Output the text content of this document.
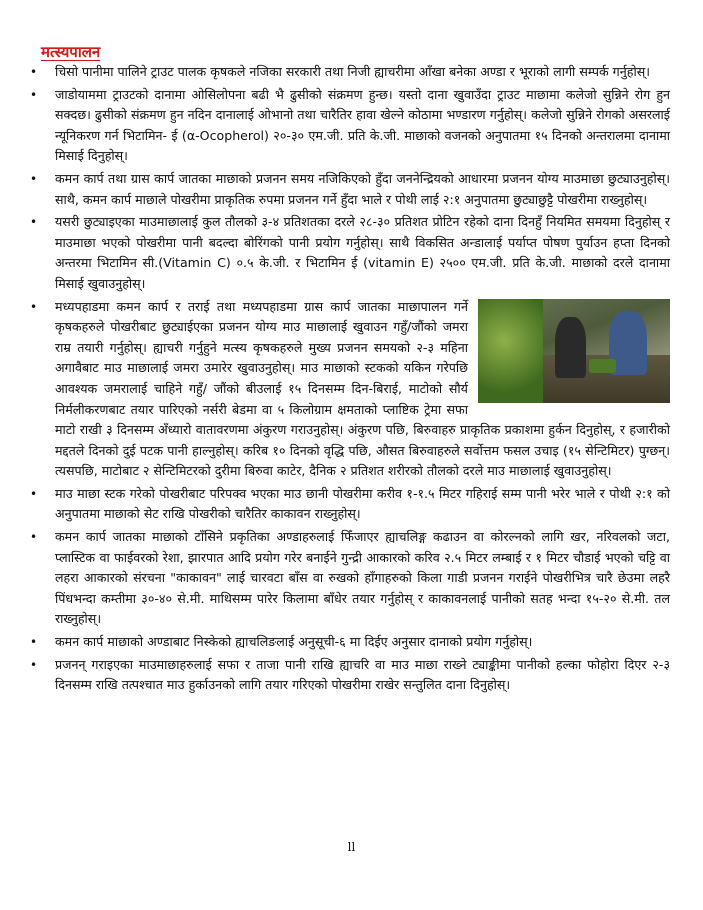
मत्स्यपालन
• चिसो पानीमा पालिने ट्राउट पालक कृषकले नजिका सरकारी तथा निजी ह्याचरीमा आँखा बनेका अण्डा र भूराको लागी सम्पर्क गर्नुहोस्।
• जाडोयाममा ट्राउटको दानामा ओसिलोपना बढी भै ढुसीको संक्रमण हुन्छ। यस्तो दाना खुवाउँदा ट्राउट माछामा कलेजो सुन्निने रोग हुन सक्दछ। ढुसीको संक्रमण हुन नदिन दानालाई ओभानो तथा चारैतिर हावा खेल्ने कोठामा भण्डारण गर्नुहोस्। कलेजो सुन्निने रोगको असरलाई न्यूनिकरण गर्न भिटामिन- ई (α-Ocopherol) २०-३० एम.जी. प्रति के.जी. माछाको वजनको अनुपातमा १५ दिनको अन्तरालमा दानामा मिसाई दिनुहोस्।
• कमन कार्प तथा ग्रास कार्प जातका माछाको प्रजनन समय नजिकिएको हुँदा जननेन्द्रियको आधारमा प्रजनन योग्य माउमाछा छुट्याउनुहोस्। साथै, कमन कार्प माछाले पोखरीमा प्राकृतिक रुपमा प्रजनन गर्ने हुँदा भाले र पोथी लाई २:१ अनुपातमा छुट्याछुट्टै पोखरीमा राख्नुहोस्।
• यसरी छुट्याइएका माउमाछालाई कुल तौलको ३-४ प्रतिशतका दरले २८-३० प्रतिशत प्रोटिन रहेको दाना दिनहुँ नियमित समयमा दिनुहोस् र माउमाछा भएको पोखरीमा पानी बदल्दा बोरिंगको पानी प्रयोग गर्नुहोस्। साथै विकसित अन्डालाई पर्याप्त पोषण पुर्याउन हप्ता दिनको अन्तरमा भिटामिन सी.(Vitamin C) ०.५ के.जी. र भिटामिन ई (vitamin E) २५०० एम.जी. प्रति के.जी. माछाको दरले दानामा मिसाई खुवाउनुहोस्।
• मध्यपहाडमा कमन कार्प र तराई तथा मध्यपहाडमा ग्रास कार्प जातका माछापालन गर्ने कृषकहरुले पोखरीबाट छुट्याईएका प्रजनन योग्य माउ माछालाई खुवाउन गहुँ/जौंको जमरा राम्र तयारी गर्नुहोस्। ह्याचरी गर्नुहुने मत्स्य कृषकहरुले मुख्य प्रजनन समयको २-३ महिना अगावैबाट माउ माछालाई जमरा उमारेर खुवाउनुहोस्। माउ माछाको स्टकको यकिन गरेपछि आवश्यक जमरालाई चाहिने गहुँ/ जौंको बीउलाई १५ दिनसम्म दिन-बिराई, माटोको सौर्य निर्मलीकरणबाट तयार पारिएको नर्सरी बेडमा वा ५ किलोग्राम क्षमताको प्लाष्टिक ट्रेमा सफा माटो राखी ३ दिनसम्म अँध्यारो वातावरणमा अंकुरण गराउनुहोस्। अंकुरण पछि, बिरुवाहरु प्राकृतिक प्रकाशमा हुर्कन दिनुहोस्, र हजारीको मद्दतले दिनको दुई पटक पानी हाल्नुहोस्। करिब १० दिनको वृद्धि पछि, औसत बिरुवाहरुले सर्वोत्तम फसल उचाइ (१५ सेन्टिमिटर) पुग्छन्। त्यसपछि, माटोबाट २ सेन्टिमिटरको दुरीमा बिरुवा काटेर, दैनिक २ प्रतिशत शरीरको तौलको दरले माउ माछालाई खुवाउनुहोस्।
• माउ माछा स्टक गरेको पोखरीबाट परिपक्व भएका माउ छानी पोखरीमा करीव १-१.५ मिटर गहिराई सम्म पानी भरेर भाले र पोथी २:१ को अनुपातमा माछाको सेट राखि पोखरीको चारैतिर काकावन राख्नुहोस्।
• कमन कार्प जातका माछाको टाँसिने प्रकृतिका अण्डाहरुलाई फिँजाएर ह्याचलिङ्ग कढाउन वा कोरल्नको लागि खर, नरिवलको जटा, प्लास्टिक वा फाईवरको रेशा, झारपात आदि प्रयोग गरेर बनाईने गुन्द्री आकारको करिव २.५ मिटर लम्बाई र १ मिटर चौडाई भएको चट्टि वा लहरा आकारको संरचना "काकावन" लाई चारवटा बाँस वा रुखको हाँगाहरुको किला गाडी प्रजनन गराईने पोखरीभित्र चारै छेउमा लहरै पिंधभन्दा कम्तीमा ३०-४० से.मी. माथिसम्म पारेर किलामा बाँधेर तयार गर्नुहोस् र काकावनलाई पानीको सतह भन्दा १५-२० से.मी. तल राख्नुहोस्।
• कमन कार्प माछाको अण्डाबाट निस्केको ह्याचलिङलाई अनुसूची-६ मा दिईए अनुसार दानाको प्रयोग गर्नुहोस्।
• प्रजनन् गराइएका माउमाछाहरुलाई सफा र ताजा पानी राखि ह्याचरि वा माउ माछा राख्ने ट्याङ्कीमा पानीको हल्का फोहोरा दिएर २-३ दिनसम्म राखि तत्पश्चात माउ हुर्काउनको लागि तयार गरिएको पोखरीमा राखेर सन्तुलित दाना दिनुहोस्।
ll
